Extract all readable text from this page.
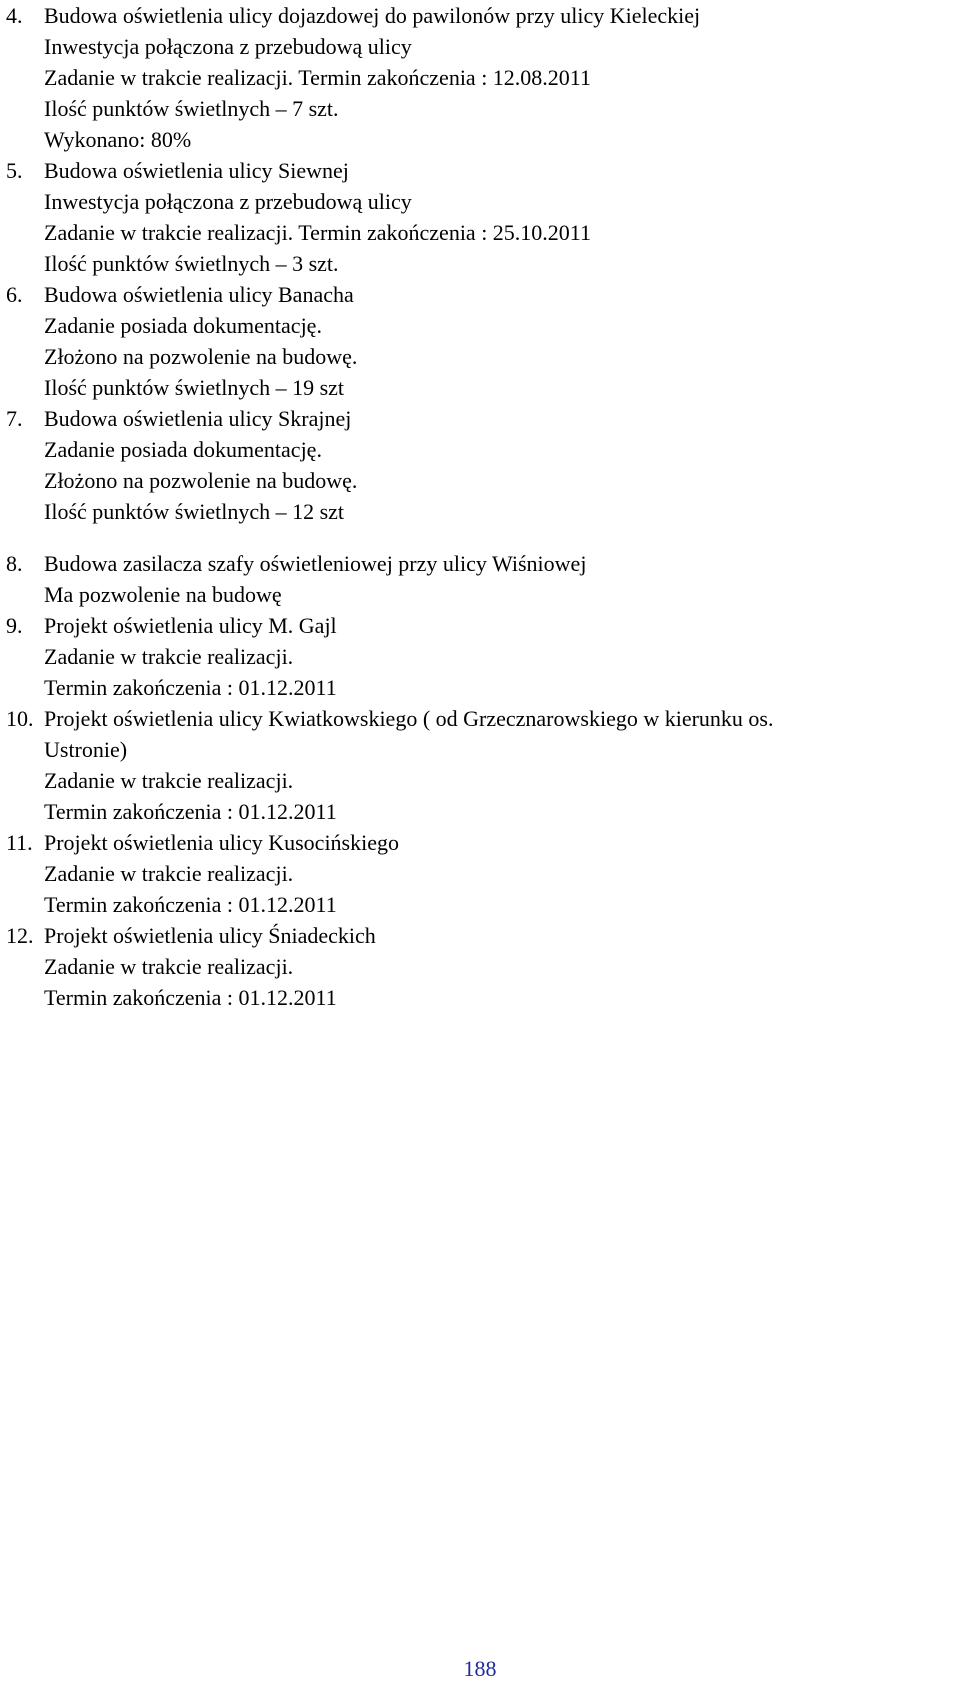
4. Budowa oświetlenia ulicy dojazdowej do pawilonów przy ulicy Kieleckiej
Inwestycja połączona z przebudową ulicy
Zadanie w trakcie realizacji. Termin zakończenia : 12.08.2011
Ilość punktów świetlnych – 7 szt.
Wykonano: 80%
5. Budowa oświetlenia ulicy Siewnej
Inwestycja połączona z przebudową ulicy
Zadanie w trakcie realizacji. Termin zakończenia : 25.10.2011
Ilość punktów świetlnych – 3 szt.
6. Budowa oświetlenia ulicy Banacha
Zadanie posiada dokumentację.
Złożono na pozwolenie na budowę.
Ilość punktów świetlnych – 19 szt
7. Budowa oświetlenia ulicy Skrajnej
Zadanie posiada dokumentację.
Złożono na pozwolenie na budowę.
Ilość punktów świetlnych – 12 szt
8. Budowa zasilacza szafy oświetleniowej przy ulicy Wiśniowej
Ma pozwolenie na budowę
9. Projekt oświetlenia ulicy M. Gajl
Zadanie w trakcie realizacji.
Termin zakończenia : 01.12.2011
10. Projekt oświetlenia ulicy Kwiatkowskiego ( od Grzecznarowskiego w kierunku os.
Ustronie)
Zadanie w trakcie realizacji.
Termin zakończenia : 01.12.2011
11. Projekt oświetlenia ulicy Kusocińskiego
Zadanie w trakcie realizacji.
Termin zakończenia : 01.12.2011
12. Projekt oświetlenia ulicy Śniadeckich
Zadanie w trakcie realizacji.
Termin zakończenia : 01.12.2011
188
